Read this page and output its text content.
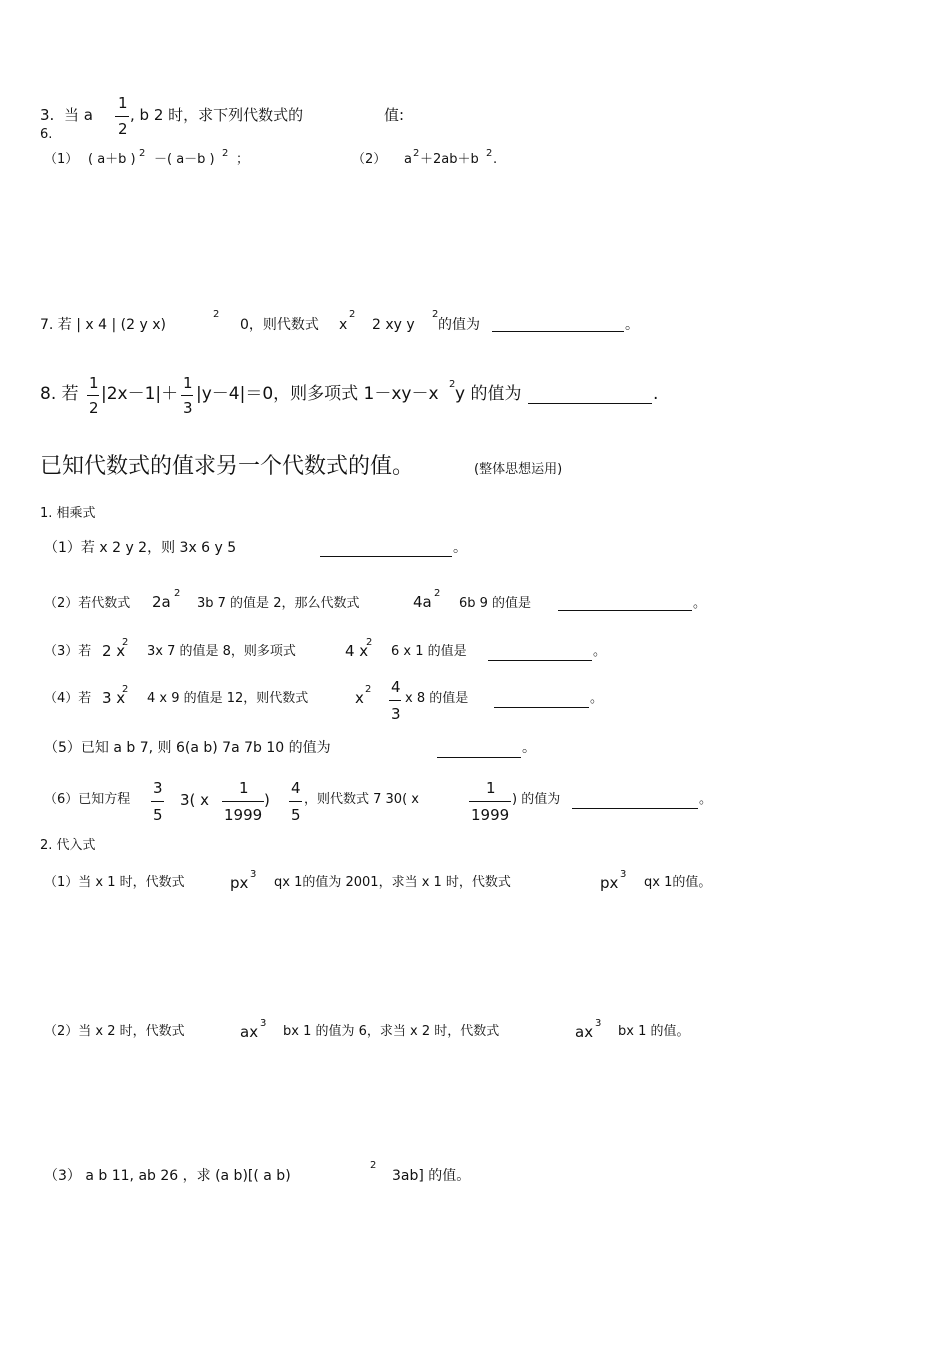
3.
6.
当 a
1
2
, b 2 时，求下列代数式的	值:
（1） ( a＋b ) 2 －( a－b ) 2 ；	（2） a 2 ＋2ab＋b 2 .
7. 若 | x 4 | (2 y x)
2
0，则代数式 x
2
2 xy y
2
的值为	。
8. 若
1
2
|2x－1|＋
1
3
|y－4|＝0，则多项式 1－xy－x 2 y 的值为	.
已知代数式的值求另一个代数式的值。	(整体思想运用)
1. 相乘式
（1）若 x 2 y 2，则 3x 6 y 5	。
（2）若代数式 2a 2
3b 7 的值是 2，那么代数式	4a 2
6b 9 的值是	。
（3）若 2 x
2
3x 7 的值是 8，则多项式	4 x
2
6 x 1 的值是	。
（4）若 3 x
2
4 x 9 的值是 12，则代数式	x 2 4
3
x 8 的值是	。
（5）已知 a b 7, 则 6(a b) 7a 7b 10 的值为	。
（6）已知方程
3
5
3( x
1
1999
)
4
5
，则代数式 7 30( x
1
1999
) 的值为	。
2. 代入式
（1）当 x 1 时，代数式	px 3
qx 1的值为 2001，求当 x 1 时，代数式	px 3
qx 1的值。
（2）当 x 2 时，代数式	ax 3
bx 1 的值为 6，求当 x 2 时，代数式	ax 3
bx 1 的值。
（3） a b 11, ab 26 ，求 (a b)[( a b)
2
3ab] 的值。
